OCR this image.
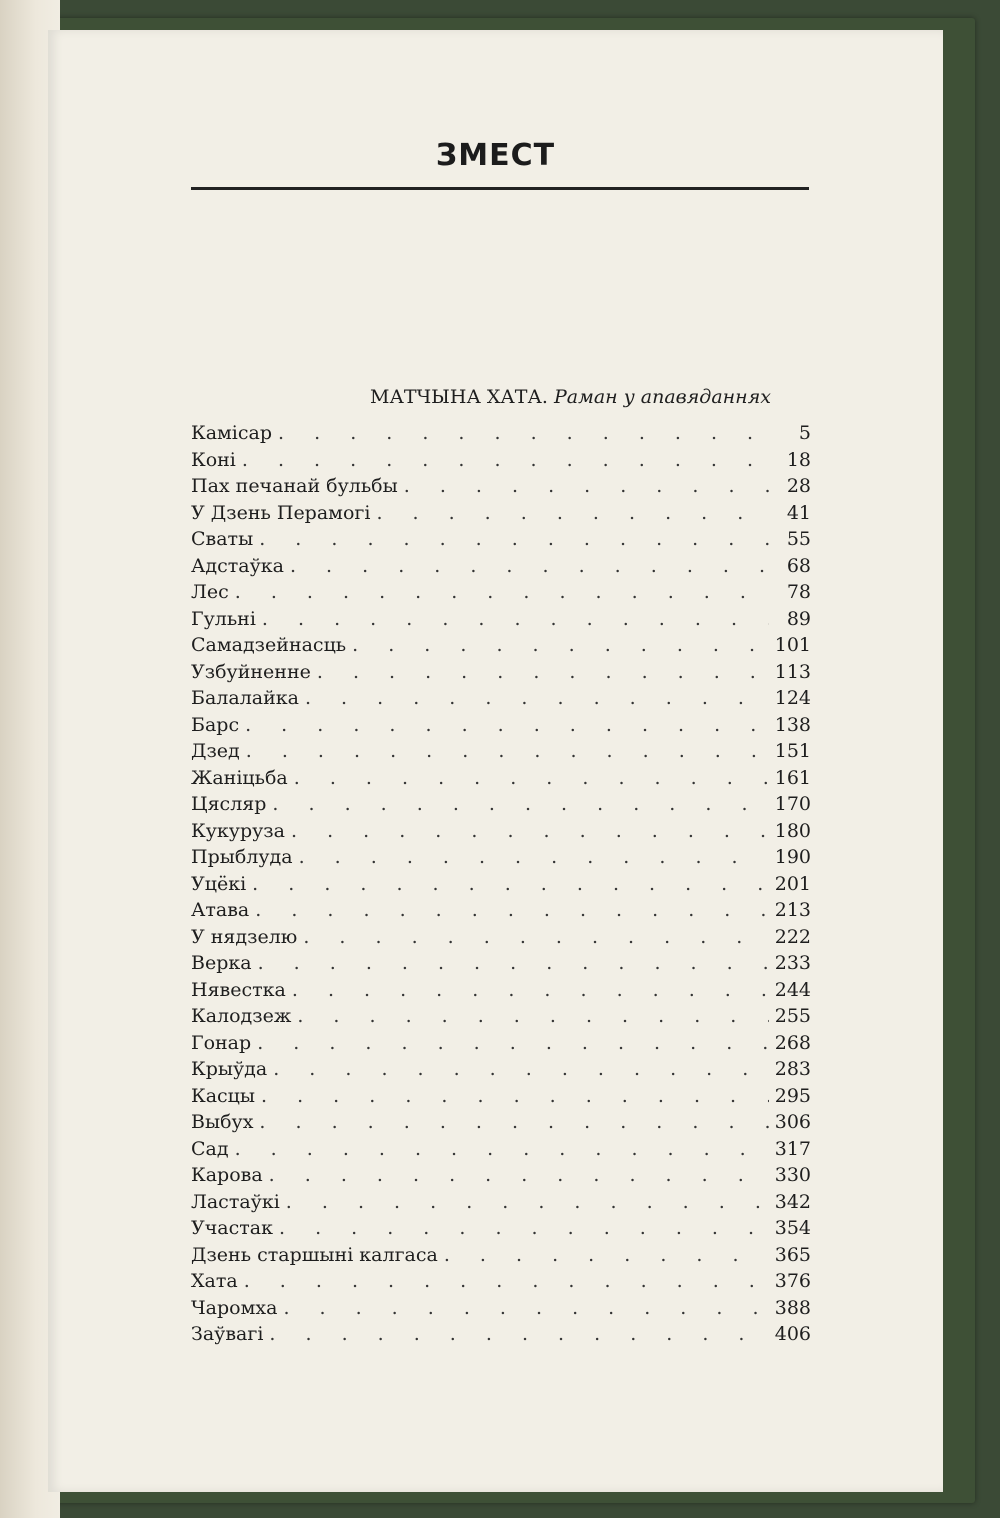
ЗМЕСТ
МАТЧЫНА ХАТА. Раман у апавяданнях
Камісар . . .	5
Коні . . .	18
Пах печанай бульбы . . .	28
У Дзень Перамогі . . .	41
Сваты . . .	55
Адстаўка . . .	68
Лес . . .	78
Гульні . . .	89
Самадзейнасць . . .	101
Узбуйненне . . .	113
Балалайка . . .	124
Барс . . .	138
Дзед . . .	151
Жаніцьба . . .	161
Цясляр . . .	170
Кукуруза . . .	180
Прыблуда . . .	190
Уцёкі . . .	201
Атава . . .	213
У нядзелю . . .	222
Верка . . .	233
Нявестка . . .	244
Калодзеж . . .	255
Гонар . . .	268
Крыўда . . .	283
Касцы . . .	295
Выбух . . .	306
Сад . . .	317
Карова . . .	330
Ластаўкі . . .	342
Участак . . .	354
Дзень старшыні калгаса . . .	365
Хата . . .	376
Чаромха . . .	388
Заўвагі . . .	406
